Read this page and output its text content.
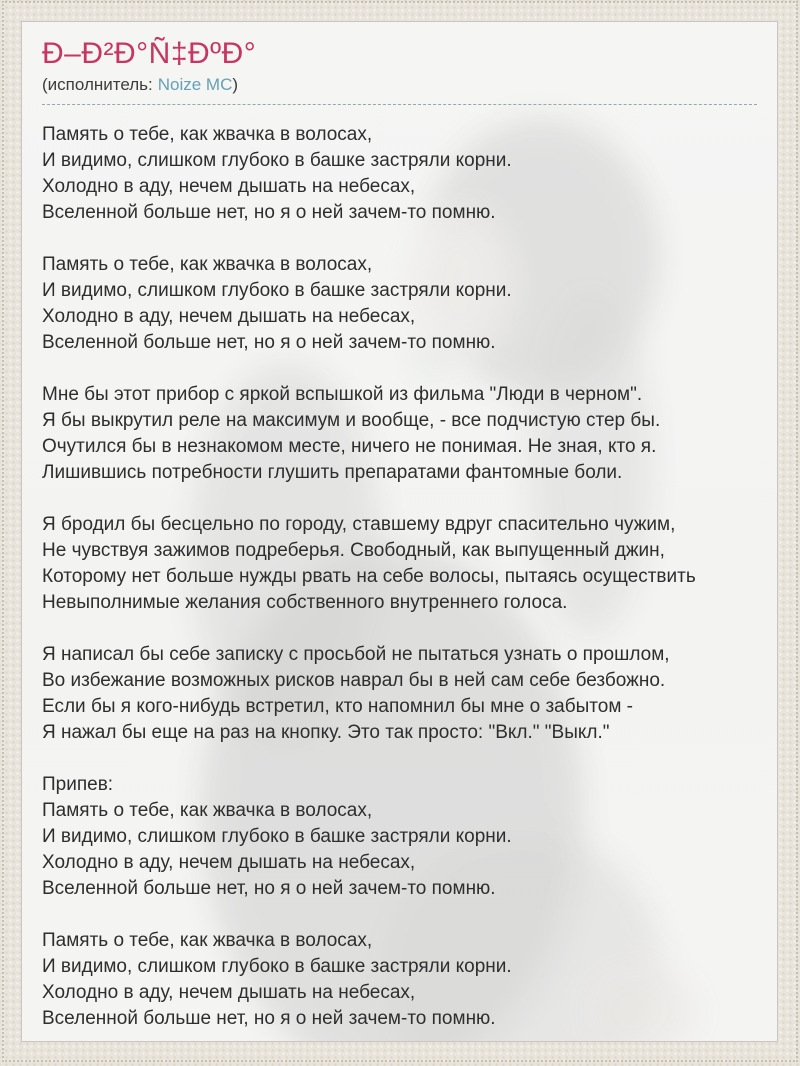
Ð–Ð²Ð°Ñ‡ÐºÐ°
(исполнитель: Noize MC)
Память о тебе, как жвачка в волосах,
И видимо, слишком глубоко в башке застряли корни.
Холодно в аду, нечем дышать на небесах,
Вселенной больше нет, но я о ней зачем-то помню.
Память о тебе, как жвачка в волосах,
И видимо, слишком глубоко в башке застряли корни.
Холодно в аду, нечем дышать на небесах,
Вселенной больше нет, но я о ней зачем-то помню.
Мне бы этот прибор с яркой вспышкой из фильма "Люди в черном".
Я бы выкрутил реле на максимум и вообще, - все подчистую стер бы.
Очутился бы в незнакомом месте, ничего не понимая. Не зная, кто я.
Лишившись потребности глушить препаратами фантомные боли.
Я бродил бы бесцельно по городу, ставшему вдруг спасительно чужим,
Не чувствуя зажимов подреберья. Свободный, как выпущенный джин,
Которому нет больше нужды рвать на себе волосы, пытаясь осуществить
Невыполнимые желания собственного внутреннего голоса.
Я написал бы себе записку с просьбой не пытаться узнать о прошлом,
Во избежание возможных рисков наврал бы в ней сам себе безбожно.
Если бы я кого-нибудь встретил, кто напомнил бы мне о забытом -
Я нажал бы еще на раз на кнопку. Это так просто: "Вкл." "Выкл."
Припев:
Память о тебе, как жвачка в волосах,
И видимо, слишком глубоко в башке застряли корни.
Холодно в аду, нечем дышать на небесах,
Вселенной больше нет, но я о ней зачем-то помню.
Память о тебе, как жвачка в волосах,
И видимо, слишком глубоко в башке застряли корни.
Холодно в аду, нечем дышать на небесах,
Вселенной больше нет, но я о ней зачем-то помню.
